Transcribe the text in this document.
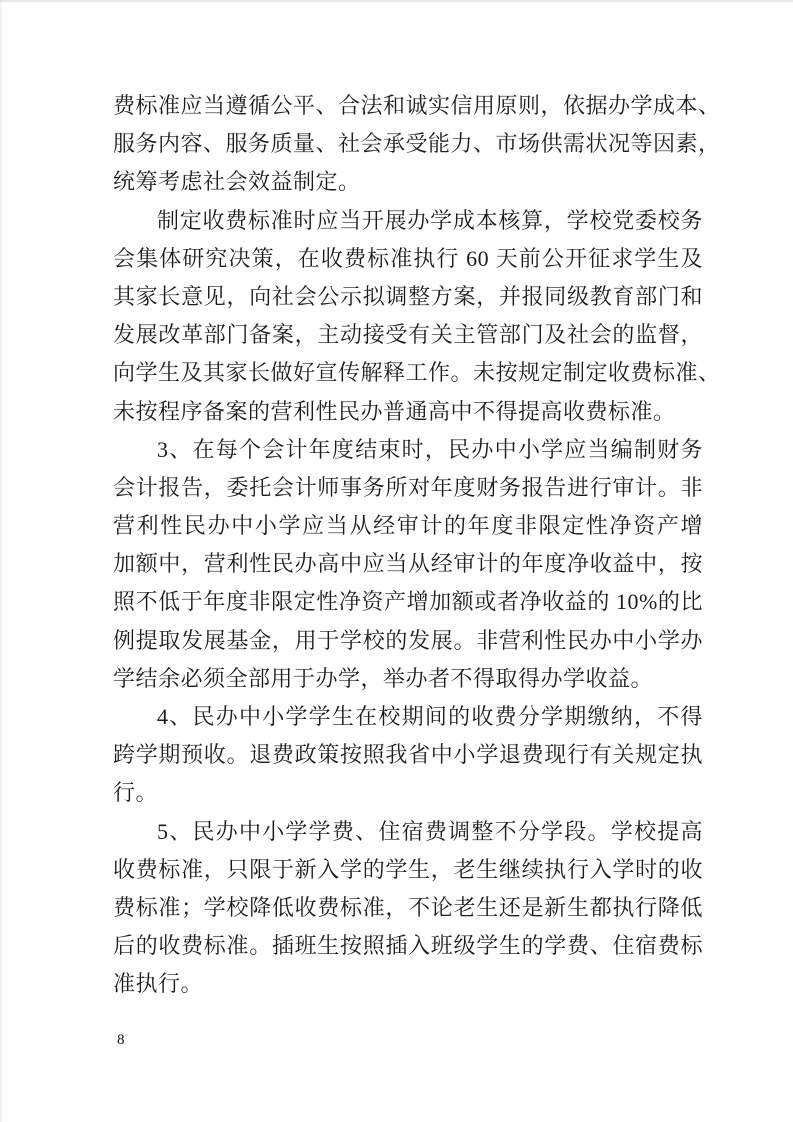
费标准应当遵循公平、合法和诚实信用原则，依据办学成本、
服务内容、服务质量、社会承受能力、市场供需状况等因素，
统筹考虑社会效益制定。
制定收费标准时应当开展办学成本核算，学校党委校务
会集体研究决策，在收费标准执行 60 天前公开征求学生及
其家长意见，向社会公示拟调整方案，并报同级教育部门和
发展改革部门备案，主动接受有关主管部门及社会的监督，
向学生及其家长做好宣传解释工作。未按规定制定收费标准、
未按程序备案的营利性民办普通高中不得提高收费标准。
3、在每个会计年度结束时，民办中小学应当编制财务
会计报告，委托会计师事务所对年度财务报告进行审计。非
营利性民办中小学应当从经审计的年度非限定性净资产增
加额中，营利性民办高中应当从经审计的年度净收益中，按
照不低于年度非限定性净资产增加额或者净收益的 10%的比
例提取发展基金，用于学校的发展。非营利性民办中小学办
学结余必须全部用于办学，举办者不得取得办学收益。
4、民办中小学学生在校期间的收费分学期缴纳，不得
跨学期预收。退费政策按照我省中小学退费现行有关规定执
行。
5、民办中小学学费、住宿费调整不分学段。学校提高
收费标准，只限于新入学的学生，老生继续执行入学时的收
费标准；学校降低收费标准，不论老生还是新生都执行降低
后的收费标准。插班生按照插入班级学生的学费、住宿费标
准执行。
8
